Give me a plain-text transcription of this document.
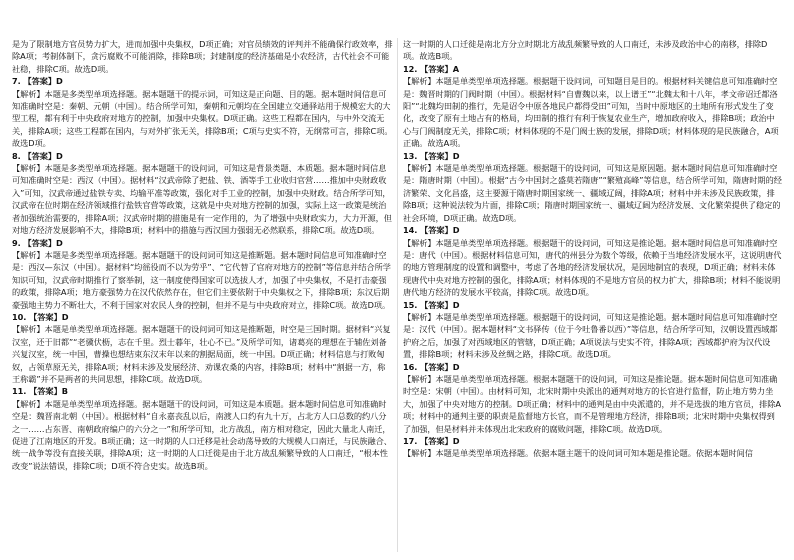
是为了限制地方官员势力扩大，进而加强中央集权，D项正确；对官员绩效的评判并不能确保行政效率，排除A项；考制体制下，贪污腐败不可能消除，排除B项；封建制度的经济基础是小农经济，古代社会不可能社稳，排除C项。故选D项。

7. 【答案】D

【解析】本题是多类型单项选择题。据本题题干的提示词，可知这是正向题、目的题。据本题时间信息可知准确时空是：秦朝、元朝（中国）。结合所学可知，秦朝和元朝均在全国建立交通驿站用于规模宏大的大型工程，都有利于中央政府对地方的控制，加强中央集权。D项正确。这些工程都在国内，与中外交流无关，排除A项；这些工程都在国内，与对外扩张无关，排除B项；C项与史实不符，无纲常可言，排除C项。故选D项。

8. 【答案】D

【解析】本题是多类型单项选择题。据本题题干的设问词，可知这是背景类题、本质题。据本题时间信息可知准确时空是：西汉（中国）。据材料“汉武帝除了把盐、铁、酒等手工业收归官营……推加中央财政收入”可知，汉武帝通过盐铁专卖、均输平准等政策，强化对手工业的控制，加强中央财政。结合所学可知，汉武帝在位时期在经济领域推行盐铁官营等政策，这就是中央对地方控制的加强，实际上这一政策是统治者加强统治需要的，排除A项；汉武帝时期的措施是有一定作用的，为了增强中央财政实力，大力开源，但对地方经济发展影响不大，排除B项；材料中的措施与西汉国力强弱无必然联系，排除C项。故选D项。

9. 【答案】D

【解析】本题是多类型单项选择题。据本题题干的设问词可知这是推断题。据本题时间信息可知准确时空是：西汉—东汉（中国）。据材料“均徭役而不以为劳乎”、“它代替了官府对地方的控制”等信息并结合所学知识可知，汉武帝时期推行了察举制，这一制度使得国家可以选拔人才，加强了中央集权，不是打击豪强的政策，排除A项；地方豪强势力在汉代依然存在，但它们主要依附于中央集权之下，排除B项；东汉后期豪强地主势力不断壮大，不利于国家对农民人身的控制，但并不是与中央政府对立，排除C项。故选D项。

10. 【答案】D

【解析】本题是单类型单项选择题。据本题题干的设问词可知这是推断题，时空是三国时期。据材料“兴复汉室，还于旧都”“老骥伏枥，志在千里。烈士暮年，壮心不已。”及所学可知，诸葛亮的理想在于辅佐刘备兴复汉室，统一中国，曹操也想结束东汉末年以来的割据局面，统一中国。D项正确；材料信息与打败匈奴，占领草原无关，排除A项；材料未涉及发展经济、劝课农桑的内容，排除B项；材料中“割据一方，称王称霸”并不是两者的共同思想，排除C项。故选D项。

11. 【答案】B

【解析】本题是单类型单项选择题。据本题题干的设问词，可知这是本质题。据本题时间信息可知准确时空是：魏晋南北朝（中国）。根据材料“自永嘉丧乱以后，南渡人口约有九十万，占北方人口总数的约八分之一……占东晋、南朝政府编户的六分之一”和所学可知，北方战乱，南方相对稳定，因此大量北人南迁，促进了江南地区的开发。B项正确；这一时期的人口迁移是社会动荡导致的大规模人口南迁，与民族融合、统一战争等没有直接关联，排除A项；这一时期的人口迁徙是由于北方战乱频繁导致的人口南迁，“根本性改变”说法错误，排除C项；D项不符合史实。故选B项。

这一时期的人口迁徙是南北方分立时期北方战乱频繁导致的人口南迁，未涉及政治中心的南移，排除D项。故选B项。

12. 【答案】A

【解析】本题是单类型单项选择题。根据题干设问词，可知题目是目的。根据材料关键信息可知准确时空是：魏晋时期的门阀时期（中国）。根据材料“自曹魏以来，以上谱王”“北魏太和十八年，孝文帝诏迁都洛阳”“北魏均田制的推行，先是诏令中原各地民户都得受田”可知，当时中原地区的土地所有形式发生了变化，改变了原有土地占有的格局，均田制的推行有利于恢复农业生产，增加政府收入，排除B项；政治中心与门阀制度无关，排除C项；材料体现的不是门阀士族的发展，排除D项；材料体现的是民族融合，A项正确。故选A项。

13. 【答案】D

【解析】本题是单类型单项选择题。根据题干的设问词，可知这是原因题。据本题时间信息可知准确时空是：隋唐时期（中国）。根据“古今中国封之盛莫若隋唐”“繁殖高峰”等信息，结合所学可知，隋唐时期的经济繁荣、文化昌盛，这主要源于隋唐时期国家统一、疆域辽阔，排除A项；材料中并未涉及民族政策，排除B项；这种说法较为片面，排除C项；隋唐时期国家统一、疆域辽阔为经济发展、文化繁荣提供了稳定的社会环境，D项正确。故选D项。

14. 【答案】D

【解析】本题是单类型单项选择题。根据题干的设问词，可知这是推论题。据本题时间信息可知准确时空是：唐代（中国）。根据材料信息可知，唐代的州县分为数个等级，依赖于当地经济发展水平，这说明唐代的地方管理制度的设置和调整中，考虑了各地的经济发展状况，是因地制宜的表现，D项正确；材料未体现唐代中央对地方控制的强化，排除A项；材料体现的不是地方官员的权力扩大，排除B项；材料不能说明唐代地方经济的发展水平较高，排除C项。故选D项。

15. 【答案】D

【解析】本题是单类型单项选择题。根据题干的设问词，可知这是推论题。据本题时间信息可知准确时空是：汉代（中国）。据本题材料“文书驿传（位于今吐鲁番以西）”等信息，结合所学可知，汉朝设置西域都护府之后，加强了对西域地区的管辖，D项正确；A项说法与史实不符，排除A项；西域都护府为汉代设置，排除B项；材料未涉及丝绸之路，排除C项。故选D项。

16. 【答案】D

【解析】本题是单类型单项选择题。根据本题题干的设问词，可知这是推论题。据本题时间信息可知准确时空是：宋朝（中国）。由材料可知，北宋时期中央派出的通判对地方的长官进行监督，防止地方势力坐大，加强了中央对地方的控制。D项正确；材料中的通判是由中央派遣的，并不是选拔的地方官员，排除A项；材料中的通判主要的职责是监督地方长官，而不是管理地方经济，排除B项；北宋时期中央集权得到了加强，但是材料并未体现出北宋政府的腐败问题，排除C项。故选D项。

17. 【答案】D

【解析】本题是单类型单项选择题。依据本题主题干的设问词可知本题是推论题。依据本题时间信
